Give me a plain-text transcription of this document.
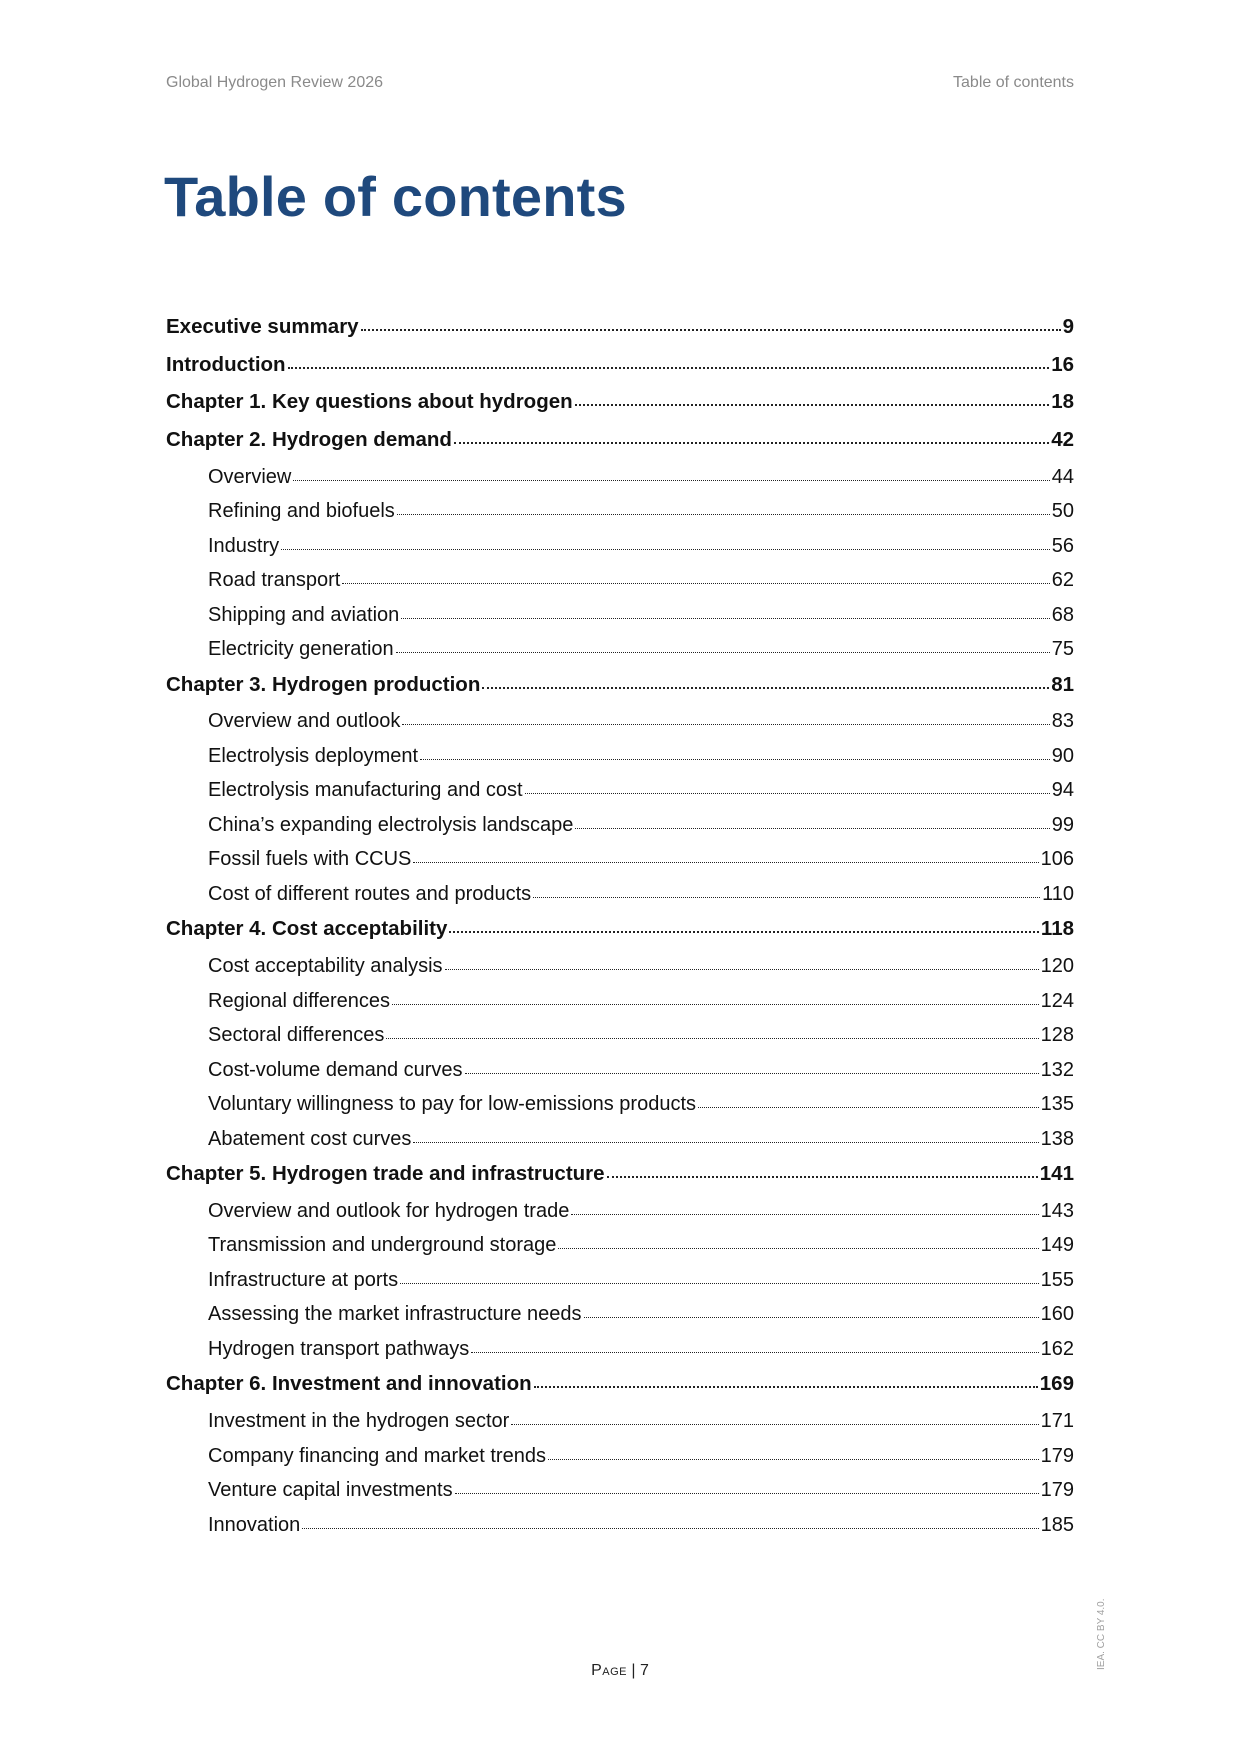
Global Hydrogen Review 2026	Table of contents
Table of contents
Executive summary	9
Introduction	16
Chapter 1. Key questions about hydrogen	18
Chapter 2. Hydrogen demand	42
Overview	44
Refining and biofuels	50
Industry	56
Road transport	62
Shipping and aviation	68
Electricity generation	75
Chapter 3. Hydrogen production	81
Overview and outlook	83
Electrolysis deployment	90
Electrolysis manufacturing and cost	94
China’s expanding electrolysis landscape	99
Fossil fuels with CCUS	106
Cost of different routes and products	110
Chapter 4. Cost acceptability	118
Cost acceptability analysis	120
Regional differences	124
Sectoral differences	128
Cost-volume demand curves	132
Voluntary willingness to pay for low-emissions products	135
Abatement cost curves	138
Chapter 5. Hydrogen trade and infrastructure	141
Overview and outlook for hydrogen trade	143
Transmission and underground storage	149
Infrastructure at ports	155
Assessing the market infrastructure needs	160
Hydrogen transport pathways	162
Chapter 6. Investment and innovation	169
Investment in the hydrogen sector	171
Company financing and market trends	179
Venture capital investments	179
Innovation	185
Page | 7
IEA. CC BY 4.0.
